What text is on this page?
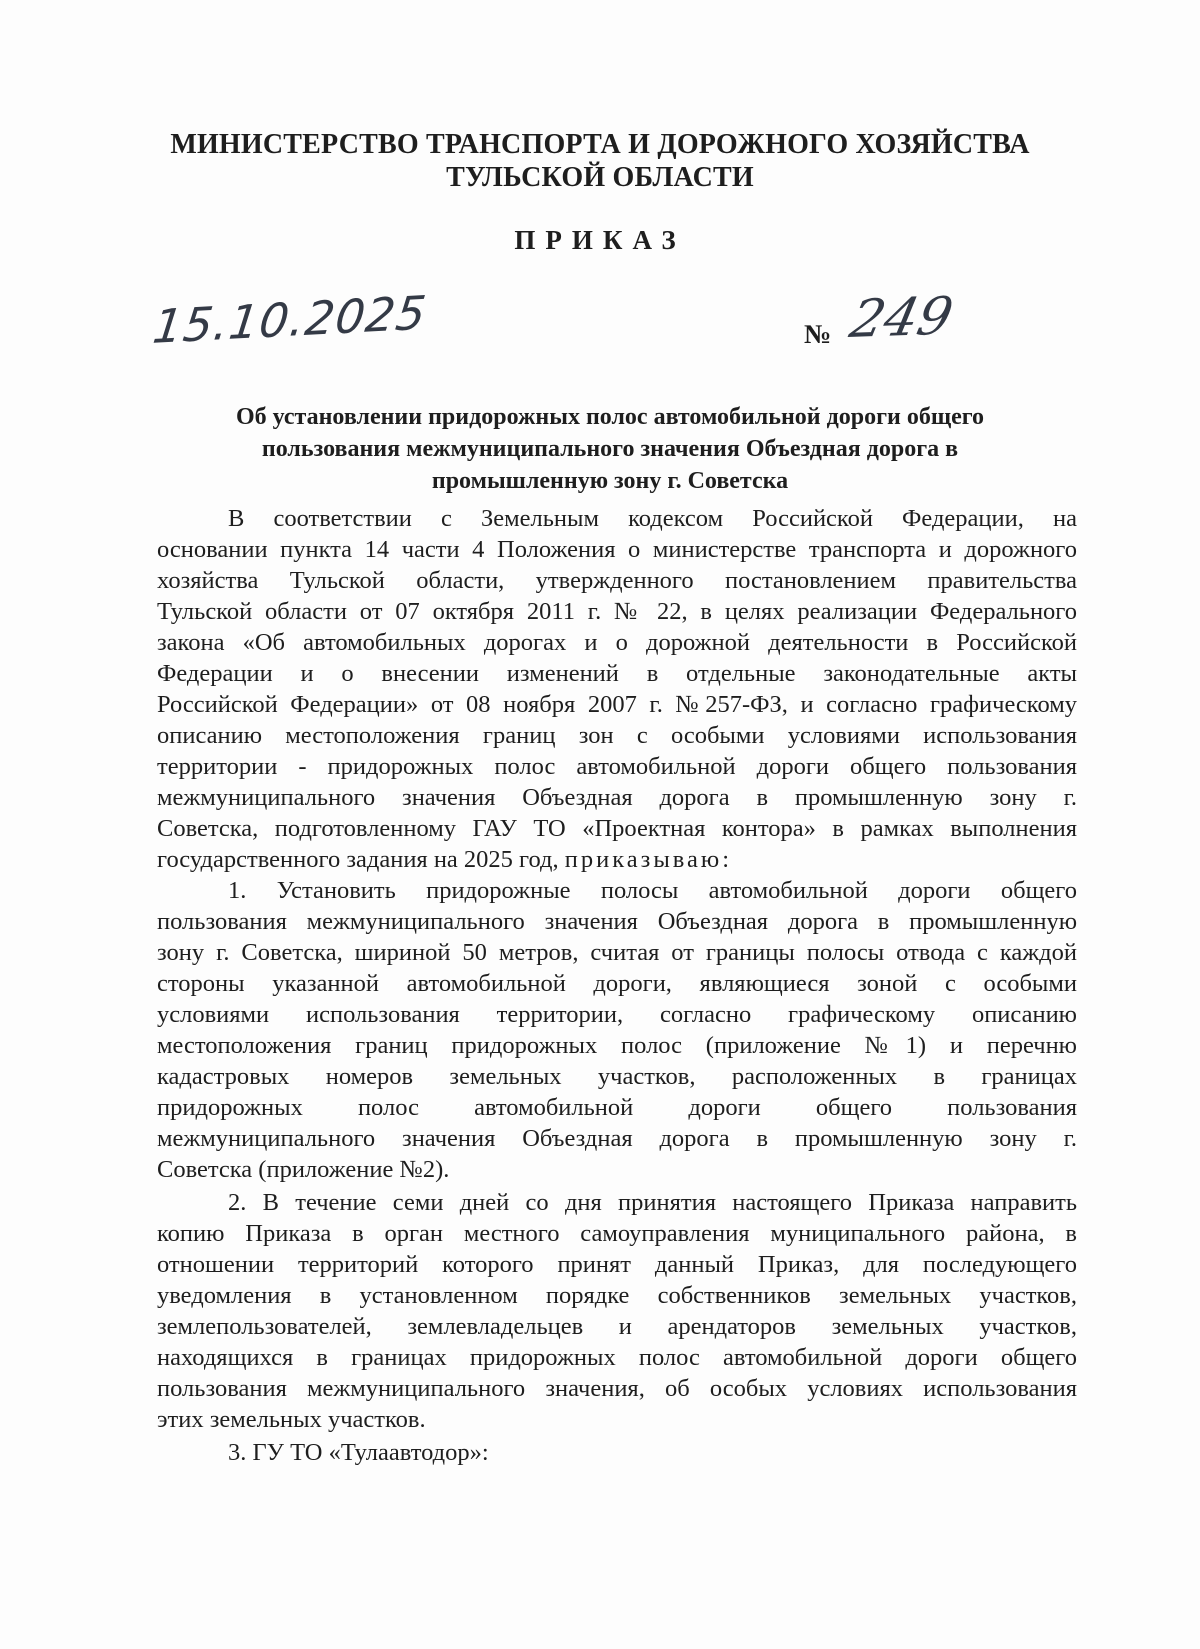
МИНИСТЕРСТВО ТРАНСПОРТА И ДОРОЖНОГО ХОЗЯЙСТВА
ТУЛЬСКОЙ ОБЛАСТИ
ПРИКАЗ
15.10.2025	№ 249
Об установлении придорожных полос автомобильной дороги общего
пользования межмуниципального значения Объездная дорога в
промышленную зону г. Советска
В соответствии с Земельным кодексом Российской Федерации, на
основании пункта 14 части 4 Положения о министерстве транспорта и дорожного
хозяйства Тульской области, утвержденного постановлением правительства
Тульской области от 07 октября 2011 г. № 22, в целях реализации Федерального
закона «Об автомобильных дорогах и о дорожной деятельности в Российской
Федерации и о внесении изменений в отдельные законодательные акты
Российской Федерации» от 08 ноября 2007 г. №257-ФЗ, и согласно графическому
описанию местоположения границ зон с особыми условиями использования
территории - придорожных полос автомобильной дороги общего пользования
межмуниципального значения Объездная дорога в промышленную зону г.
Советска, подготовленному ГАУ ТО «Проектная контора» в рамках выполнения
государственного задания на 2025 год, приказываю:
1. Установить придорожные полосы автомобильной дороги общего
пользования межмуниципального значения Объездная дорога в промышленную
зону г. Советска, шириной 50 метров, считая от границы полосы отвода с каждой
стороны указанной автомобильной дороги, являющиеся зоной с особыми
условиями использования территории, согласно графическому описанию
местоположения границ придорожных полос (приложение №1) и перечню
кадастровых номеров земельных участков, расположенных в границах
придорожных полос автомобильной дороги общего пользования
межмуниципального значения Объездная дорога в промышленную зону г.
Советска (приложение №2).
2. В течение семи дней со дня принятия настоящего Приказа направить
копию Приказа в орган местного самоуправления муниципального района, в
отношении территорий которого принят данный Приказ, для последующего
уведомления в установленном порядке собственников земельных участков,
землепользователей, землевладельцев и арендаторов земельных участков,
находящихся в границах придорожных полос автомобильной дороги общего
пользования межмуниципального значения, об особых условиях использования
этих земельных участков.
3. ГУ ТО «Тулаавтодор»:
